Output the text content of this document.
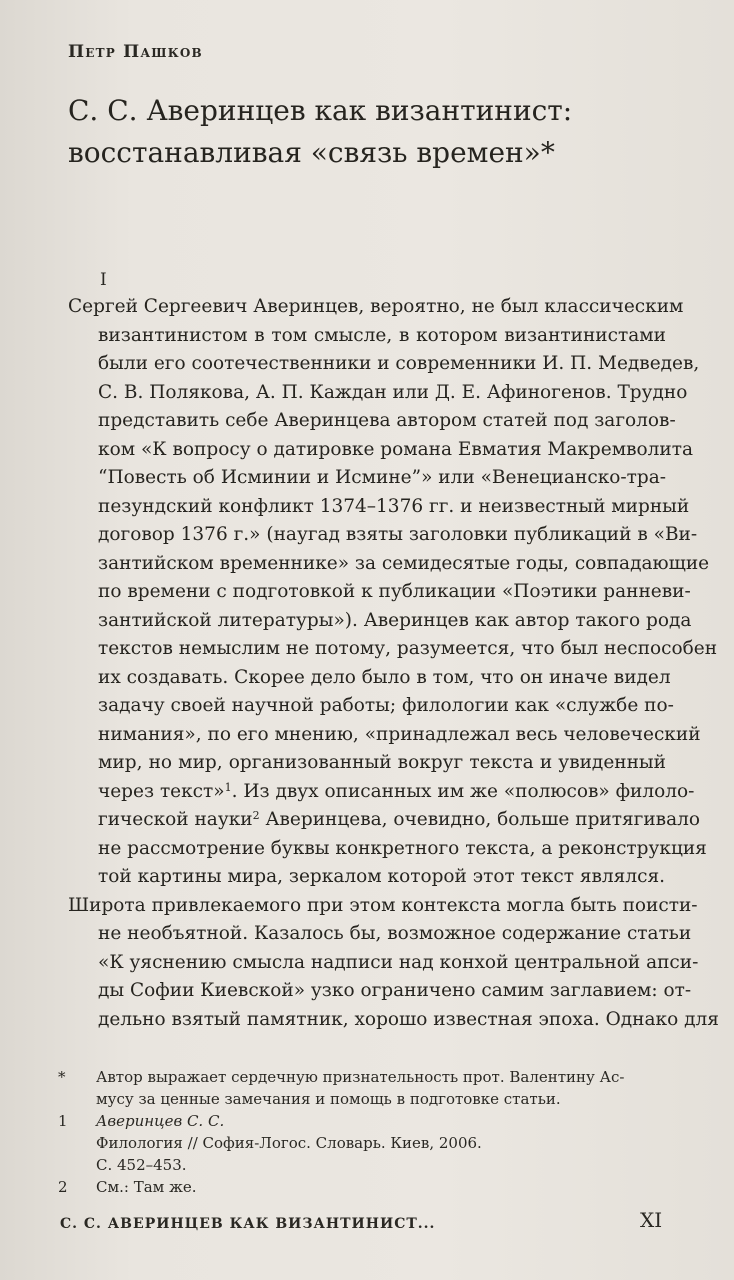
Петр Пашков
С. С. Аверинцев как византинист:
восстанавливая «связь времен»*
I
Сергей Сергеевич Аверинцев, вероятно, не был классическим
византинистом в том смысле, в котором византинистами
были его соотечественники и современники И. П. Медведев,
С. В. Полякова, А. П. Каждан или Д. Е. Афиногенов. Трудно
представить себе Аверинцева автором статей под заголов-
ком «К вопросу о датировке романа Евматия Макремволита
“Повесть об Исминии и Исмине”» или «Венецианско-тра-
пезундский конфликт 1374–1376 гг. и неизвестный мирный
договор 1376 г.» (наугад взяты заголовки публикаций в «Ви-
зантийском временнике» за семидесятые годы, совпадающие
по времени с подготовкой к публикации «Поэтики ранневи-
зантийской литературы»). Аверинцев как автор такого рода
текстов немыслим не потому, разумеется, что был неспособен
их создавать. Скорее дело было в том, что он иначе видел
задачу своей научной работы; филологии как «службе по-
нимания», по его мнению, «принадлежал весь человеческий
мир, но мир, организованный вокруг текста и увиденный
через текст»$^1$. Из двух описанных им же «полюсов» филоло-
гической науки$^2$ Аверинцева, очевидно, больше притягивало
не рассмотрение буквы конкретного текста, а реконструкция
той картины мира, зеркалом которой этот текст являлся.
Широта привлекаемого при этом контекста могла быть поисти-
не необъятной. Казалось бы, возможное содержание статьи
«К уяснению смысла надписи над конхой центральной апси-
ды Софии Киевской» узко ограничено самим заглавием: от-
дельно взятый памятник, хорошо известная эпоха. Однако для
*	Автор выражает сердечную признательность прот. Валентину Ас-
мусу за ценные замечания и помощь в подготовке статьи.
1	Аверинцев С. С.
Филология // София-Логос. Словарь. Киев, 2006.
С. 452–453.
2	См.: Там же.
С. С. АВЕРИНЦЕВ КАК ВИЗАНТИНИСТ...	XI
